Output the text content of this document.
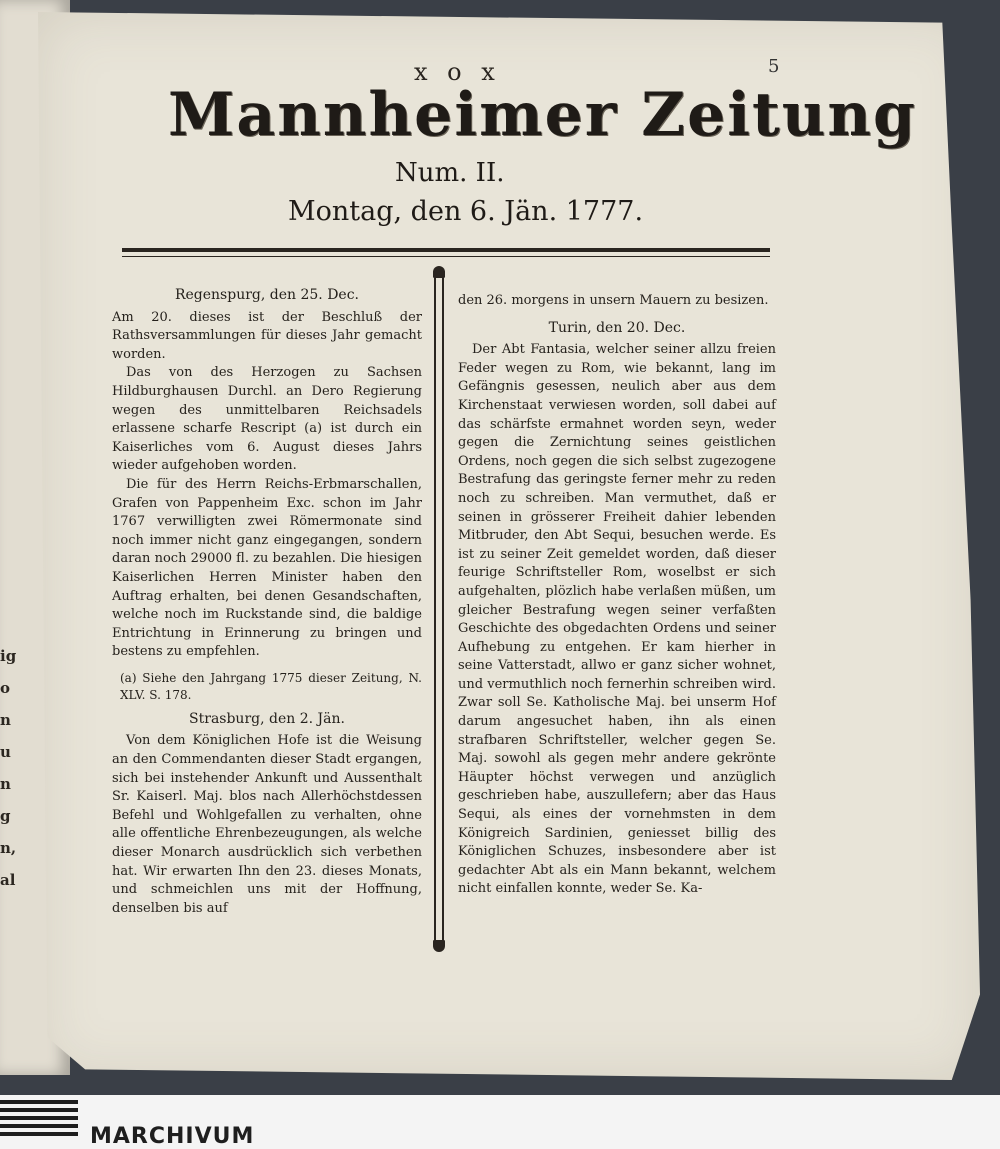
ig
o
n
u
n
g
n,
al
x o x	5
Mannheimer Zeitung
Num. II.
Montag, den 6. Jän. 1777.
Regenspurg, den 25. Dec.

Am 20. dieses ist der Beschluß der Rathsversammlungen für dieses Jahr gemacht worden.

Das von des Herzogen zu Sachsen Hildburghausen Durchl. an Dero Regierung wegen des unmittelbaren Reichsadels erlassene scharfe Rescript (a) ist durch ein Kaiserliches vom 6. August dieses Jahrs wieder aufgehoben worden.

Die für des Herrn Reichs-Erbmarschallen, Grafen von Pappenheim Exc. schon im Jahr 1767 verwilligten zwei Römermonate sind noch immer nicht ganz eingegangen, sondern daran noch 29000 fl. zu bezahlen. Die hiesigen Kaiserlichen Herren Minister haben den Auftrag erhalten, bei denen Gesandschaften, welche noch im Ruckstande sind, die baldige Entrichtung in Erinnerung zu bringen und bestens zu empfehlen.

(a) Siehe den Jahrgang 1775 dieser Zeitung, N. XLV. S. 178.
Strasburg, den 2. Jän.

Von dem Königlichen Hofe ist die Weisung an den Commendanten dieser Stadt ergangen, sich bei instehender Ankunft und Aussenthalt Sr. Kaiserl. Maj. blos nach Allerhöchstdessen Befehl und Wohlgefallen zu verhalten, ohne alle offentliche Ehrenbezeugungen, als welche dieser Monarch ausdrücklich sich verbethen hat. Wir erwarten Ihn den 23. dieses Monats, und schmeichlen uns mit der Hoffnung, denselben bis auf

den 26. morgens in unsern Mauern zu besizen.

Turin, den 20. Dec.

Der Abt Fantasia, welcher seiner allzu freien Feder wegen zu Rom, wie bekannt, lang im Gefängnis gesessen, neulich aber aus dem Kirchenstaat verwiesen worden, soll dabei auf das schärfste ermahnet worden seyn, weder gegen die Zernichtung seines geistlichen Ordens, noch gegen die sich selbst zugezogene Bestrafung das geringste ferner mehr zu reden noch zu schreiben. Man vermuthet, daß er seinen in grösserer Freiheit dahier lebenden Mitbruder, den Abt Sequi, besuchen werde. Es ist zu seiner Zeit gemeldet worden, daß dieser feurige Schriftsteller Rom, woselbst er sich aufgehalten, plözlich habe verlaßen müßen, um gleicher Bestrafung wegen seiner verfaßten Geschichte des obgedachten Ordens und seiner Aufhebung zu entgehen. Er kam hierher in seine Vatterstadt, allwo er ganz sicher wohnet, und vermuthlich noch fernerhin schreiben wird. Zwar soll Se. Katholische Maj. bei unserm Hof darum angesuchet haben, ihn als einen strafbaren Schriftsteller, welcher gegen Se. Maj. sowohl als gegen mehr andere gekrönte Häupter höchst verwegen und anzüglich geschrieben habe, auszullefern; aber das Haus Sequi, als eines der vornehmsten in dem Königreich Sardinien, geniesset billig des Königlichen Schuzes, insbesondere aber ist gedachter Abt als ein Mann bekannt, welchem nicht einfallen konnte, weder Se. Ka-

MARCHIVUM
